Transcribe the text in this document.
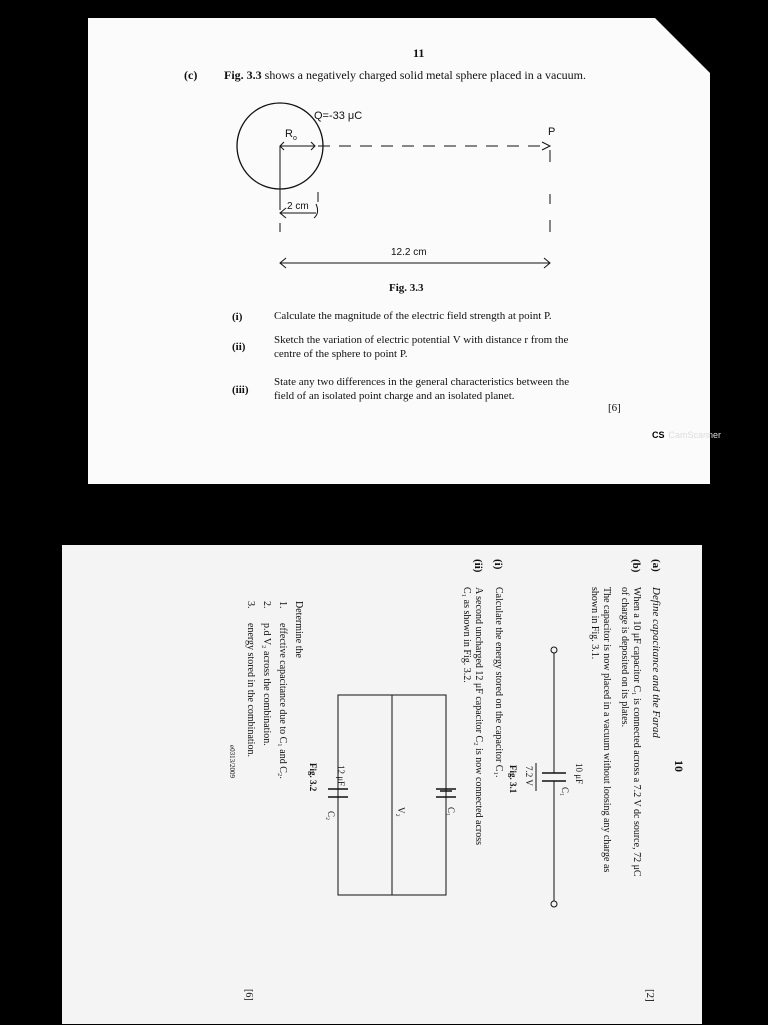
11
(c) Fig. 3.3 shows a negatively charged solid metal sphere placed in a vacuum.
Q=-33 μC
$R_o$
P
2 cm
12.2 cm
Fig. 3.3
(i)	Calculate the magnitude of the electric field strength at point P.
(ii)
Sketch the variation of electric potential V with distance r from the
centre of the sphere to point P.
(iii)
State any two differences in the general characteristics between the
field of an isolated point charge and an isolated planet.
[6]
CS CamScanner
10
(a)
Define capacitance and the Farad
[2]
(b)
When a 10 μF capacitor C₁ is connected across a 7.2 V dc source, 72 μC
of charge is deposited on its plates.
The capacitor is now placed in a vacuum without loosing any charge as
shown in Fig. 3.1.
10 μF
C₁
7.2 V
Fig. 3.1
(i)
Calculate the energy stored on the capacitor C₁.
(ii)
A second uncharged 12 μF capacitor C₂ is now connected across
C₁ as shown in Fig. 3.2.
C₁
V₂
12 μF
C₂
Fig. 3.2
Determine the
1.
effective capacitance due to C₁ and C₂.
2.
p.d V₂ across the combination.
3.
energy stored in the combination.
[6]
e0313/2009
